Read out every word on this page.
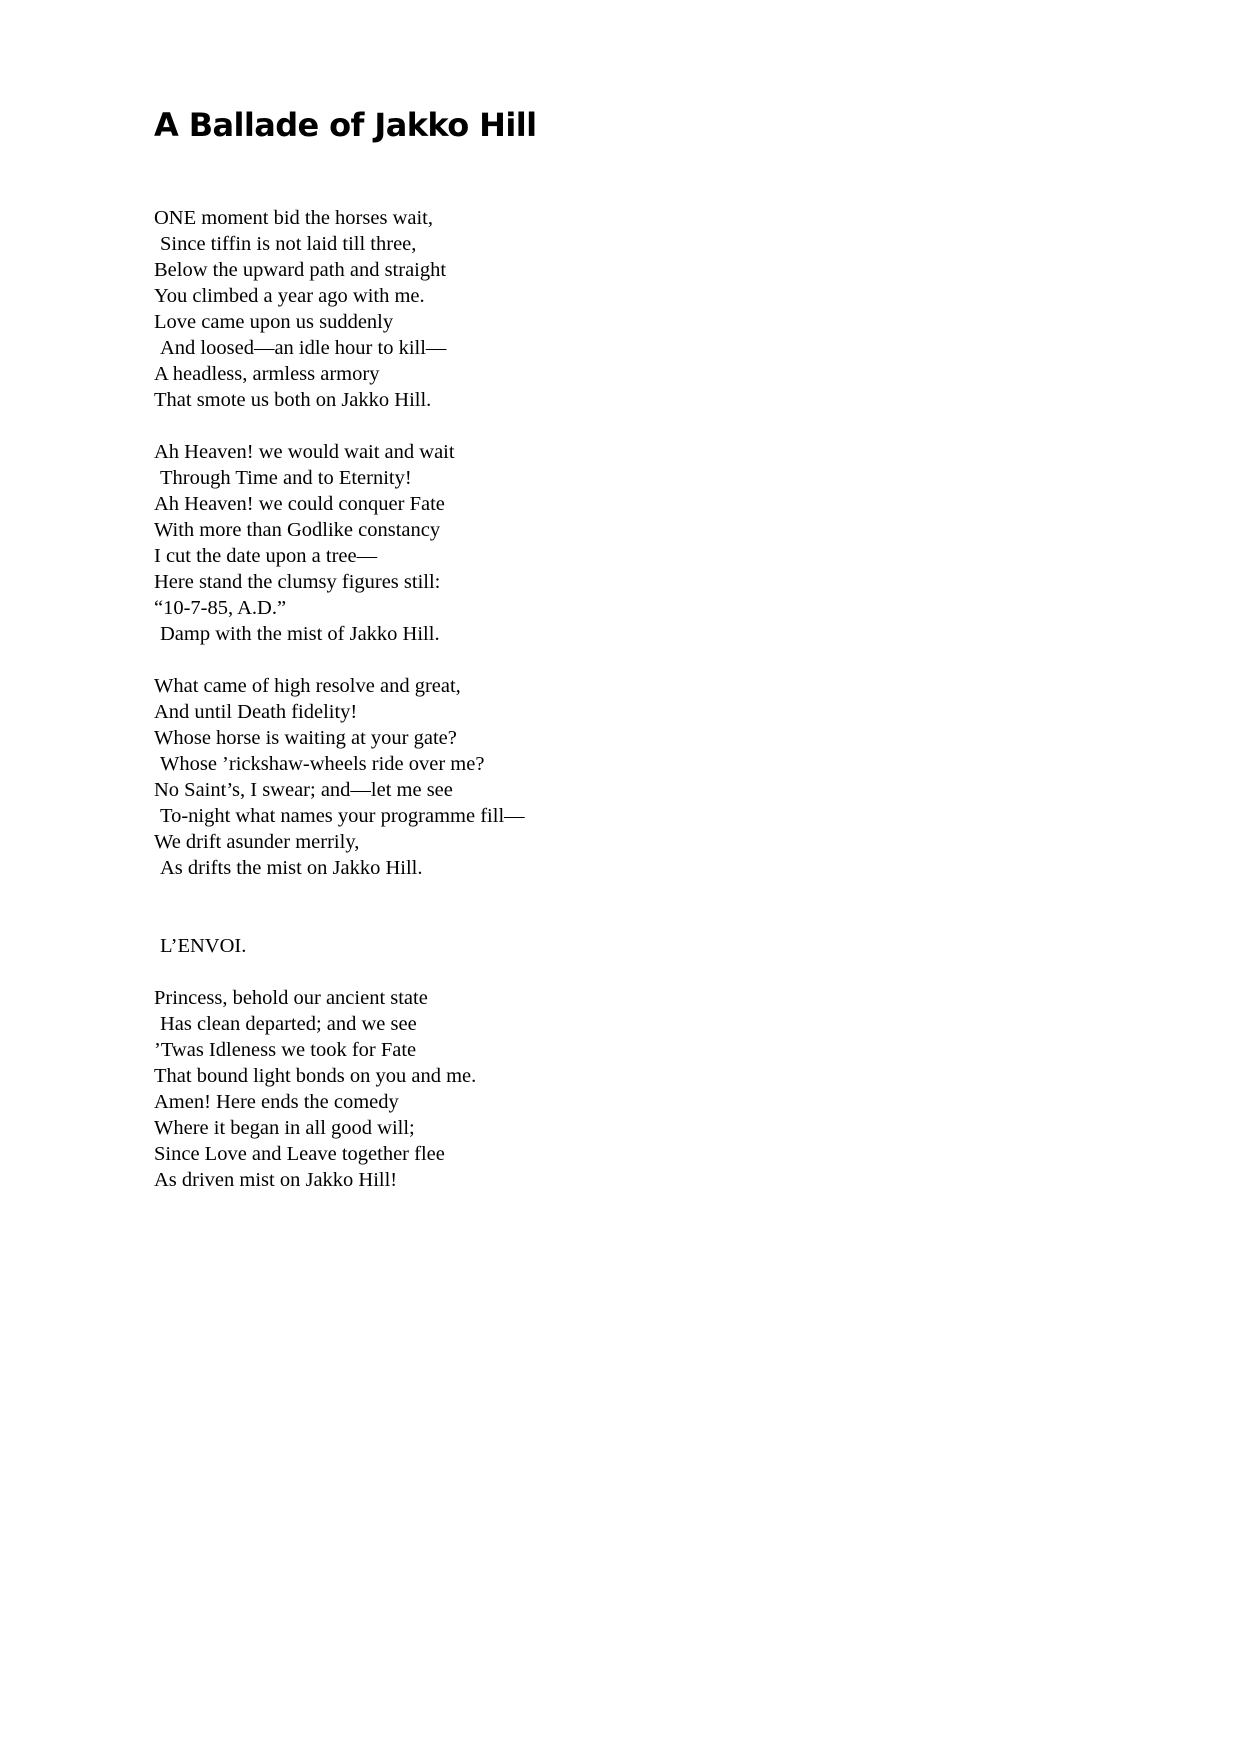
A Ballade of Jakko Hill
ONE moment bid the horses wait,
Since tiffin is not laid till three,
Below the upward path and straight
You climbed a year ago with me.
Love came upon us suddenly
And loosed—an idle hour to kill—
A headless, armless armory
That smote us both on Jakko Hill.
Ah Heaven! we would wait and wait
Through Time and to Eternity!
Ah Heaven! we could conquer Fate
With more than Godlike constancy
I cut the date upon a tree—
Here stand the clumsy figures still:
“10-7-85, A.D.”
Damp with the mist of Jakko Hill.
What came of high resolve and great,
And until Death fidelity!
Whose horse is waiting at your gate?
Whose ’rickshaw-wheels ride over me?
No Saint’s, I swear; and—let me see
To-night what names your programme fill—
We drift asunder merrily,
As drifts the mist on Jakko Hill.
L’ENVOI.
Princess, behold our ancient state
Has clean departed; and we see
’Twas Idleness we took for Fate
That bound light bonds on you and me.
Amen! Here ends the comedy
Where it began in all good will;
Since Love and Leave together flee
As driven mist on Jakko Hill!
